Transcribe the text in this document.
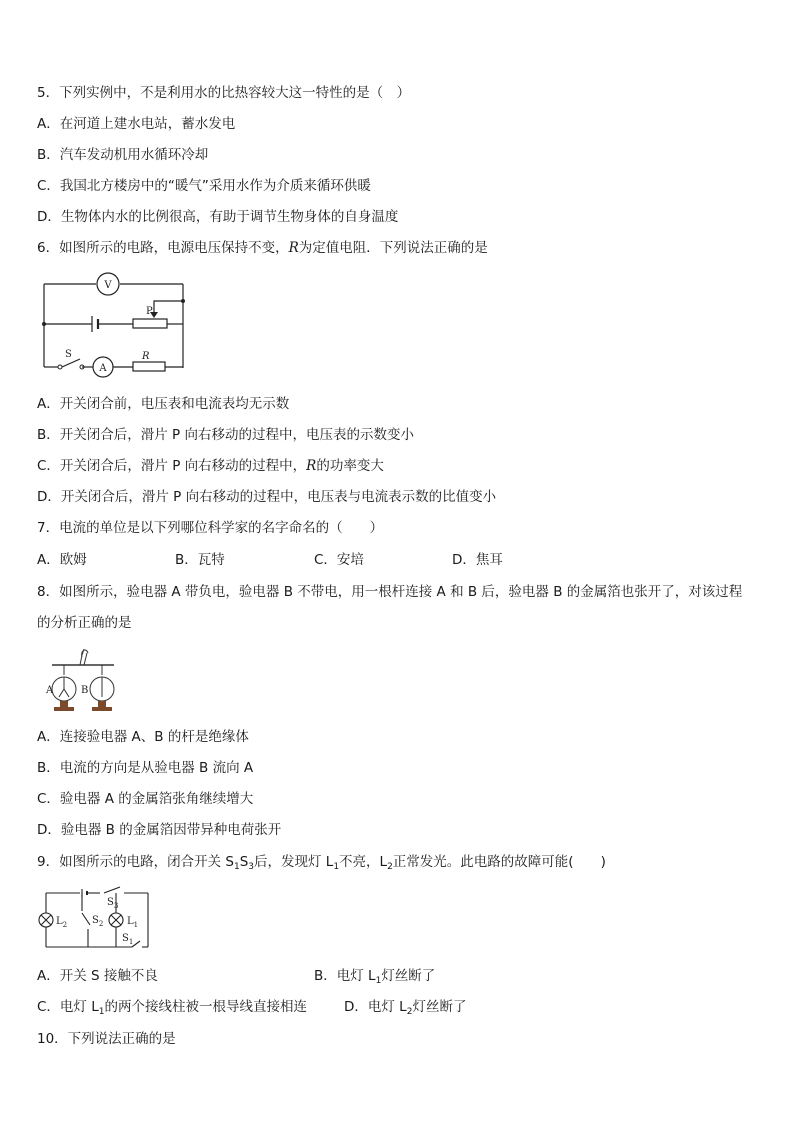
5．下列实例中，不是利用水的比热容较大这一特性的是（　）
A．在河道上建水电站，蓄水发电
B．汽车发动机用水循环冷却
C．我国北方楼房中的“暖气”采用水作为介质来循环供暖
D．生物体内水的比例很高，有助于调节生物身体的自身温度
6．如图所示的电路，电源电压保持不变，R为定值电阻．下列说法正确的是
V
A
S
P
R
A．开关闭合前，电压表和电流表均无示数
B．开关闭合后，滑片 P 向右移动的过程中，电压表的示数变小
C．开关闭合后，滑片 P 向右移动的过程中，R的功率变大
D．开关闭合后，滑片 P 向右移动的过程中，电压表与电流表示数的比值变小
7．电流的单位是以下列哪位科学家的名字命名的（　　）
A．欧姆	B．瓦特	C．安培	D．焦耳
8．如图所示，验电器 A 带负电，验电器 B 不带电，用一根杆连接 A 和 B 后，验电器 B 的金属箔也张开了，对该过程
的分析正确的是
A	B
A．连接验电器 A、B 的杆是绝缘体
B．电流的方向是从验电器 B 流向 A
C．验电器 A 的金属箔张角继续增大
D．验电器 B 的金属箔因带异种电荷张开
9．如图所示的电路，闭合开关 $S_1S_3$后，发现灯 $L_1$不亮，$L_2$正常发光。此电路的故障可能(　　)
$S_3$
$S_2$
$L_2$	$L_1$
$S_1$
A．开关 S 接触不良	B．电灯 $L_1$灯丝断了
C．电灯 $L_1$的两个接线柱被一根导线直接相连	D．电灯 $L_2$灯丝断了
10．下列说法正确的是
